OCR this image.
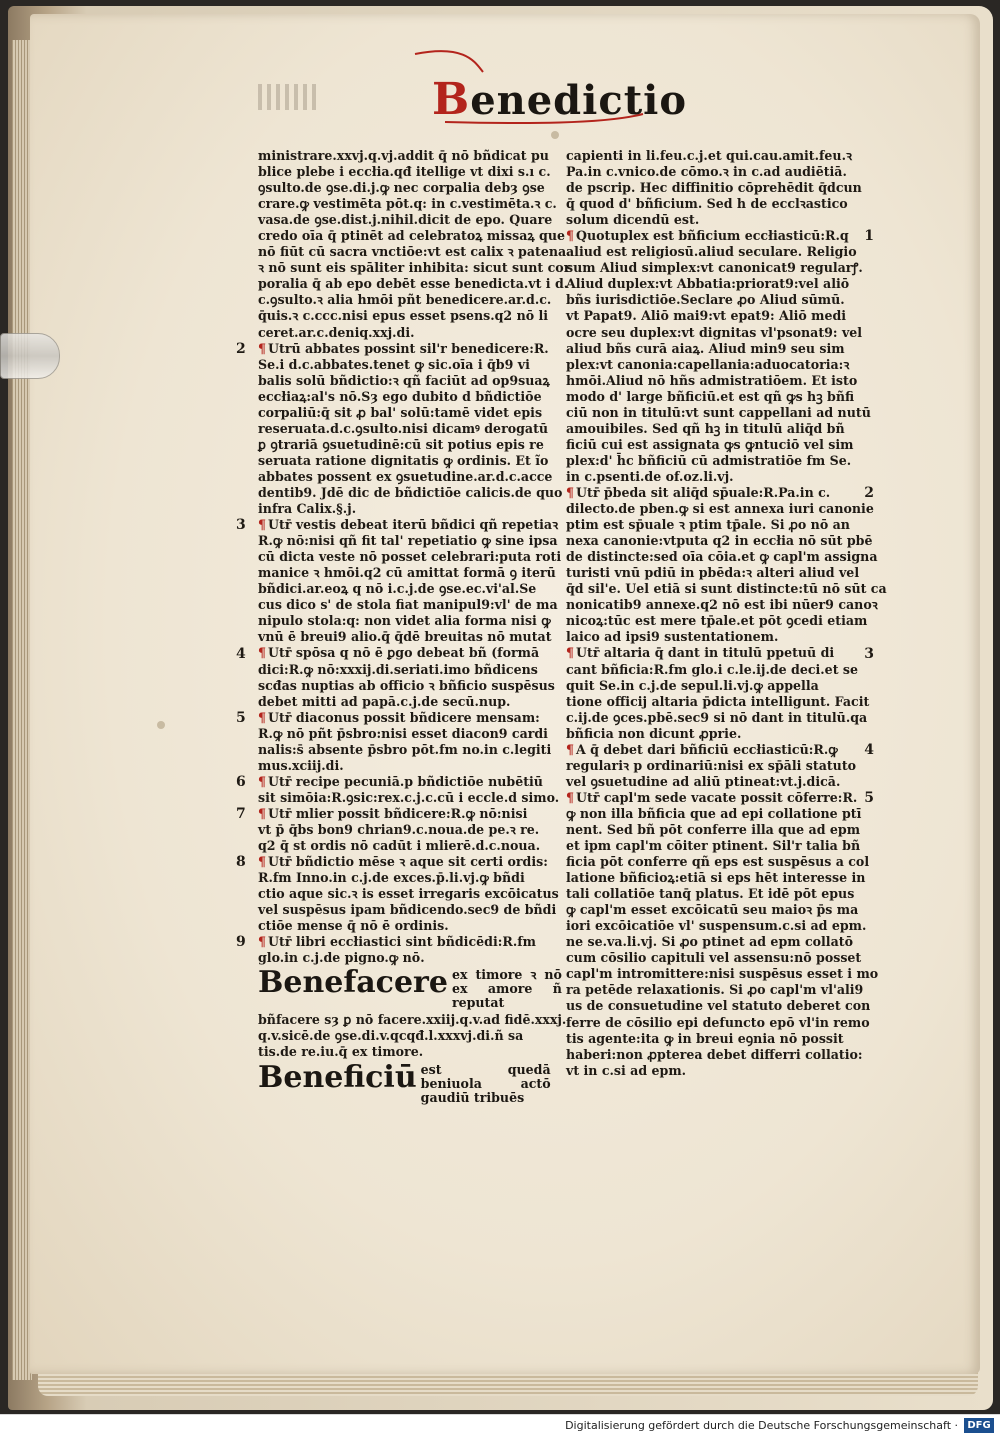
Benedictio
ministrare.xxvj.q.vj.addit q̄ nō bñdicat pu
blice plebe i eccłia.qđ itellige vt dixi s.ı c.
ꝯsulto.de ꝯse.di.j.ꝙ nec corpalia debȝ ꝯse
crare.ꝙ vestimēta pōt.q: in c.vestimēta.ꝛ c.
vasa.de ꝯse.dist.j.nihil.dicit de epo. Quare
credo oīa q̄ ptinēt ad celebratoꝝ missaꝝ que
nō fiūt cū sacra vnctiōe:vt est calix ꝛ patena.
ꝛ nō sunt eis spāliter inhibita: sicut sunt cor
poralia q̄ ab epo debēt esse benedicta.vt i d.
c.ꝯsulto.ꝛ alia hmōi pñt benedicere.ar.d.c.
q̄uis.ꝛ c.ccc.nisi epus esset psens.q2 nō li
ceret.ar.c.deniq.xxj.di.
2 ¶ Utrū abbates possint sil'r benedicere:R.
Se.i d.c.abbates.tenet ꝙ sic.oīa i q̄b9 vi
balis solū bñdictio:ꝛ qñ faciūt ad op9suaꝝ
eccłiaꝝ:al's nō.Sȝ ego dubito d bñdictiōe
corpaliū:q̄ sit ꝓ bal' solū:tamē videt epis
reseruata.d.c.ꝯsulto.nisi dicamꝰ derogatū
ꝑ ꝯtrariā ꝯsuetudinē:cū sit potius epis re
seruata ratione dignitatis ꝙ ordinis. Et ĩo
abbates possent ex ꝯsuetudine.ar.d.c.acce
dentib9. Jdē dic de bñdictiōe calicis.de quo
infra Calix.§.j.
3 ¶ Utr̄ vestis debeat iterū bñdici qñ repetiaꝛ
R.ꝙ nō:nisi qñ fit tal' repetiatio ꝙ sine ipsa
cū dicta veste nō posset celebrari:puta roti
manice ꝛ hmōi.q2 cū amittat formā ꝯ iterū
bñdici.ar.eoꝝ q nō i.c.j.de ꝯse.ec.vi'al.Se
cus dico s' de stola fiat manipul9:vl' de ma
nipulo stola:q: non videt alia forma nisi ꝙ
vnū ē breui9 alio.q̄ q̄dē breuitas nō mutat
4 ¶ Utr̄ spōsa q nō ē ꝑgo debeat bñ (formā
dici:R.ꝙ nō:xxxij.di.seriati.imo bñdicens
scđas nuptias ab officio ꝛ bñficio suspēsus
debet mitti ad papā.c.j.de secū.nup.
5 ¶ Utr̄ diaconus possit bñdicere mensam:
R.ꝙ nō pñt p̄sbro:nisi esset diacon9 cardi
nalis:s̄ absente p̄sbro pōt.fm no.in c.legiti
mus.xciij.di.
6 ¶ Utr̄ recipe pecuniā.p bñdictiōe nubētiū
sit simōia:R.ꝯsic:rex.c.j.c.cū i eccle.d simo.
7 ¶ Utr̄ mlier possit bñdicere:R.ꝙ nō:nisi
vt p̄ q̄bs bon9 chrian9.c.noua.de pe.ꝛ re.
q2 q̄ st ordis nō cadūt i mlierē.d.c.noua.
8 ¶ Utr̄ bñdictio mēse ꝛ aque sit certi ordis:
R.fm Inno.in c.j.de exces.p̄.li.vj.ꝙ bñdi
ctio aque sic.ꝛ is esset irregaris excōicatus
vel suspēsus ipam bñdicendo.sec9 de bñdi
ctiōe mense q̄ nō ē ordinis.
9 ¶ Utr̄ libri eccłiastici sint bñdicēdi:R.fm
glo.in c.j.de pigno.ꝙ nō.
Benefacere ex timore ꝛ nō ex amore ñ reputat
bñfacere sȝ ꝑ nō facere.xxiij.q.v.ad fidē.xxxj.
q.v.sicē.de ꝯse.di.v.qcqđ.l.xxxvj.di.ñ sa
tis.de re.iu.q̄ ex timore.
Beneficiū est quedā beniuola actō gaudiū tribuēs
capienti in li.feu.c.j.et qui.cau.amit.feu.ꝛ
Pa.in c.vnico.de cōmo.ꝛ in c.ad audiētiā.
de pscrip. Hec diffinitio cōprehēdit q̄dcun
q̄ quod d' bñficium. Sed h de ecclꝛastico
solum dicendū est.
1
¶ Quotuplex est bñficium eccłiasticū:R.q
aliud est religiosū.aliud seculare. Religio
sum Aliud simplex:vt canonicat9 regularꝭ.
Aliud duplex:vt Abbatia:priorat9:vel aliō
bñs iurisdictiōe.Seclare ꝓo Aliud sūmū.
vt Papat9. Aliō mai9:vt epat9: Aliō medi
ocre seu duplex:vt dignitas vl'psonat9: vel
aliud bñs curā aiaꝝ. Aliud min9 seu sim
plex:vt canonia:capellania:aduocatoria:ꝛ
hmōi.Aliud nō hñs admistratiōem. Et isto
modo d' large bñficiū.et est qñ ꝙs hꝫ bñfi
ciū non in titulū:vt sunt cappellani ad nutū
amouibiles. Sed qñ hꝫ in titulū aliq̄d bñ
ficiū cui est assignata ꝙs ꝙntuciō vel sim
plex:d' h̄c bñficiū cū admistratiōe fm Se.
in c.psenti.de of.oz.li.vj.
2
¶ Utr̄ p̄beda sit aliq̄d sp̄uale:R.Pa.in c.
dilecto.de pben.ꝙ si est annexa iuri canonie
ptim est sp̄uale ꝛ ptim tp̄ale. Si ꝓo nō an
nexa canonie:vtputa q2 in eccłia nō sūt pbē
de distincte:sed oīa cōia.et ꝙ capl'm assigna
turisti vnū pdiū in pbēda:ꝛ alteri aliud vel
q̄d sil'e. Uel etiā si sunt distincte:tū nō sūt ca
nonicatib9 annexe.q2 nō est ibi nūer9 canoꝛ
nicoꝝ:tūc est mere tp̄ale.et pōt ꝯcedi etiam
laico ad ipsi9 sustentationem.
3
¶ Utr̄ altaria q̄ dant in titulū ppetuū di
cant bñficia:R.fm glo.i c.le.ij.de deci.et se
quit Se.in c.j.de sepul.li.vj.ꝙ appella
tione officij altaria p̄dicta intelligunt. Facit
c.ij.de ꝯces.pbē.sec9 si nō dant in titulū.qa
bñficia non dicunt ꝓprie.
4
¶ A q̄ debet dari bñficiū eccłiasticū:R.ꝙ
regulariꝛ p ordinariū:nisi ex sp̄āli statuto
vel ꝯsuetudine ad aliū ptineat:vt.j.dicā.
5
¶ Utr̄ capl'm sede vacate possit cōferre:R.
ꝙ non illa bñficia que ad epi collatione ptī
nent. Sed bñ pōt conferre illa que ad epm
et ipm capl'm cōiter ptinent. Sil'r talia bñ
ficia pōt conferre qñ eps est suspēsus a col
latione bñficioꝝ:etiā si eps hēt interesse in
tali collatiōe tanq̄ platus. Et idē pōt epus
ꝙ capl'm esset excōicatū seu maioꝛ p̄s ma
iori excōicatiōe vl' suspensum.c.si ad epm.
ne se.va.li.vj. Si ꝓo ptinet ad epm collatō
cum cōsilio capituli vel assensu:nō posset
capl'm intromittere:nisi suspēsus esset i mo
ra petēde relaxationis. Si ꝓo capl'm vl'ali9
us de consuetudine vel statuto deberet con
ferre de cōsilio epi defuncto epō vl'in remo
tis agente:ita ꝙ in breui eꝯnia nō possit
haberi:non ꝓpterea debet differri collatio:
vt in c.si ad epm.
Digitalisierung gefördert durch die Deutsche Forschungsgemeinschaft · DFG
